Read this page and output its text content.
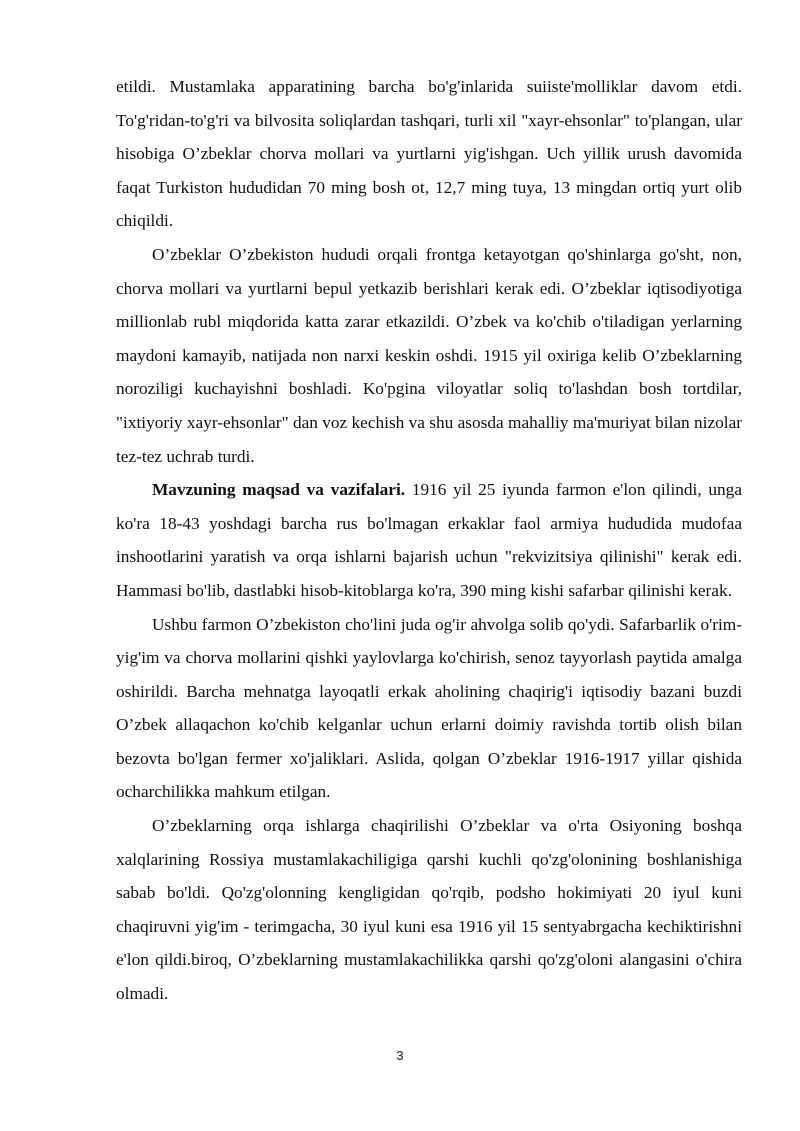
etildi. Mustamlaka apparatining barcha bo'g'inlarida suiiste'molliklar davom etdi. To'g'ridan-to'g'ri va bilvosita soliqlardan tashqari, turli xil "xayr-ehsonlar" to'plangan, ular hisobiga O’zbeklar chorva mollari va yurtlarni yig'ishgan. Uch yillik urush davomida faqat Turkiston hududidan 70 ming bosh ot, 12,7 ming tuya, 13 mingdan ortiq yurt olib chiqildi.

O’zbeklar O’zbekiston hududi orqali frontga ketayotgan qo'shinlarga go'sht, non, chorva mollari va yurtlarni bepul yetkazib berishlari kerak edi. O’zbeklar iqtisodiyotiga millionlab rubl miqdorida katta zarar etkazildi. O’zbek va ko'chib o'tiladigan yerlarning maydoni kamayib, natijada non narxi keskin oshdi. 1915 yil oxiriga kelib O’zbeklarning noroziligi kuchayishni boshladi. Ko'pgina viloyatlar soliq to'lashdan bosh tortdilar, "ixtiyoriy xayr-ehsonlar" dan voz kechish va shu asosda mahalliy ma'muriyat bilan nizolar tez-tez uchrab turdi.

Mavzuning maqsad va vazifalari. 1916 yil 25 iyunda farmon e'lon qilindi, unga ko'ra 18-43 yoshdagi barcha rus bo'lmagan erkaklar faol armiya hududida mudofaa inshootlarini yaratish va orqa ishlarni bajarish uchun "rekvizitsiya qilinishi" kerak edi. Hammasi bo'lib, dastlabki hisob-kitoblarga ko'ra, 390 ming kishi safarbar qilinishi kerak.

Ushbu farmon O’zbekiston cho'lini juda og'ir ahvolga solib qo'ydi. Safarbarlik o'rim-yig'im va chorva mollarini qishki yaylovlarga ko'chirish, senoz tayyorlash paytida amalga oshirildi. Barcha mehnatga layoqatli erkak aholining chaqirig'i iqtisodiy bazani buzdi O’zbek allaqachon ko'chib kelganlar uchun erlarni doimiy ravishda tortib olish bilan bezovta bo'lgan fermer xo'jaliklari. Aslida, qolgan O’zbeklar 1916-1917 yillar qishida ocharchilikka mahkum etilgan.

O’zbeklarning orqa ishlarga chaqirilishi O’zbeklar va o'rta Osiyoning boshqa xalqlarining Rossiya mustamlakachiligiga qarshi kuchli qo'zg'olonining boshlanishiga sabab bo'ldi. Qo'zg'olonning kengligidan qo'rqib, podsho hokimiyati 20 iyul kuni chaqiruvni yig'im - terimgacha, 30 iyul kuni esa 1916 yil 15 sentyabrgacha kechiktirishni e'lon qildi.biroq, O’zbeklarning mustamlakachilikka qarshi qo'zg'oloni alangasini o'chira olmadi.

3
